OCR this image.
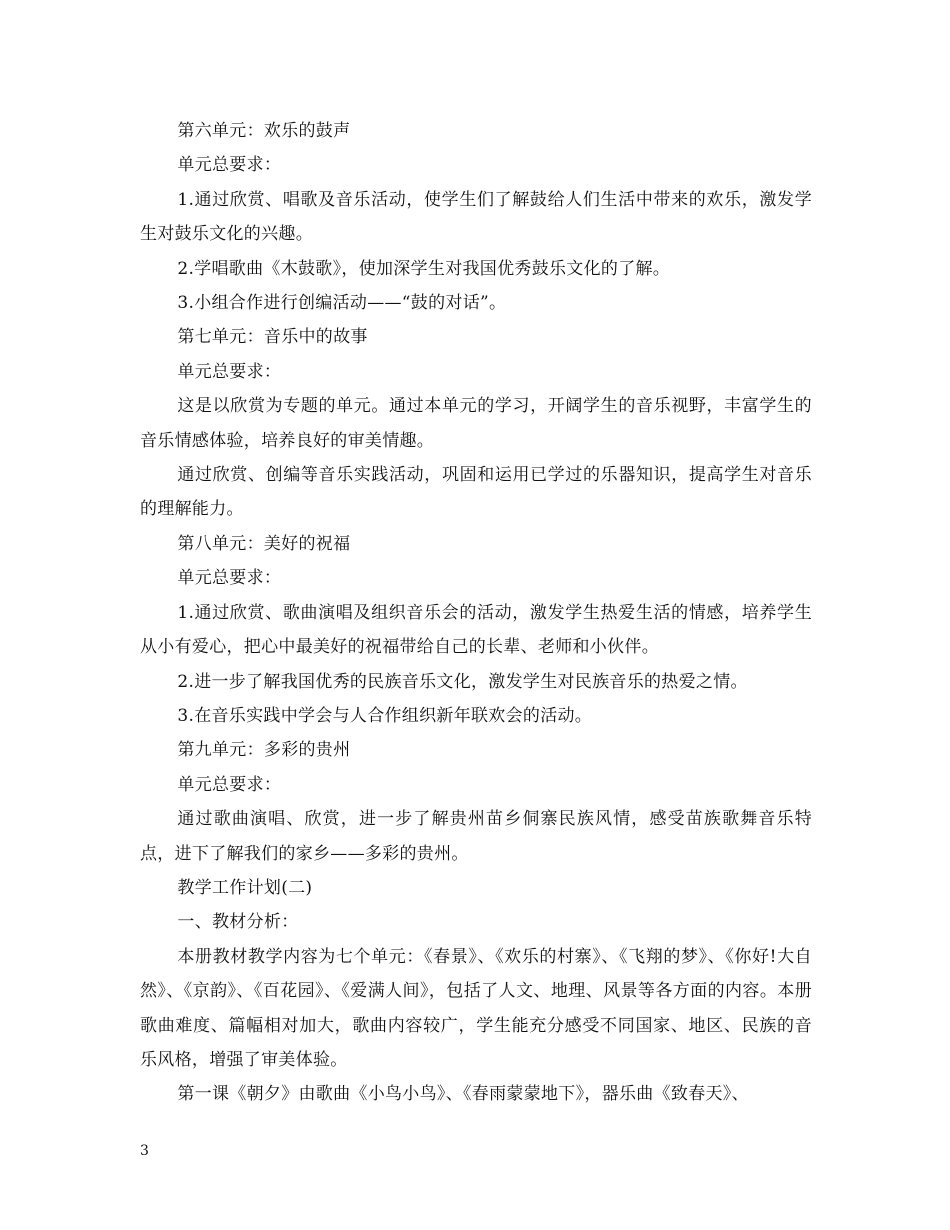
第六单元：欢乐的鼓声

单元总要求：

1.通过欣赏、唱歌及音乐活动，使学生们了解鼓给人们生活中带来的欢乐，激发学生对鼓乐文化的兴趣。

2.学唱歌曲《木鼓歌》，使加深学生对我国优秀鼓乐文化的了解。

3.小组合作进行创编活动——“鼓的对话”。

第七单元：音乐中的故事

单元总要求：

这是以欣赏为专题的单元。通过本单元的学习，开阔学生的音乐视野，丰富学生的音乐情感体验，培养良好的审美情趣。

通过欣赏、创编等音乐实践活动，巩固和运用已学过的乐器知识，提高学生对音乐的理解能力。

第八单元：美好的祝福

单元总要求：

1.通过欣赏、歌曲演唱及组织音乐会的活动，激发学生热爱生活的情感，培养学生从小有爱心，把心中最美好的祝福带给自己的长辈、老师和小伙伴。

2.进一步了解我国优秀的民族音乐文化，激发学生对民族音乐的热爱之情。

3.在音乐实践中学会与人合作组织新年联欢会的活动。

第九单元：多彩的贵州

单元总要求：

通过歌曲演唱、欣赏，进一步了解贵州苗乡侗寨民族风情，感受苗族歌舞音乐特点，进下了解我们的家乡——多彩的贵州。

教学工作计划(二)

一、教材分析：

本册教材教学内容为七个单元：《春景》、《欢乐的村寨》、《飞翔的梦》、《你好!大自然》、《京韵》、《百花园》、《爱满人间》，包括了人文、地理、风景等各方面的内容。本册歌曲难度、篇幅相对加大，歌曲内容较广，学生能充分感受不同国家、地区、民族的音乐风格，增强了审美体验。

第一课《朝夕》由歌曲《小鸟小鸟》、《春雨蒙蒙地下》，器乐曲《致春天》、

3
